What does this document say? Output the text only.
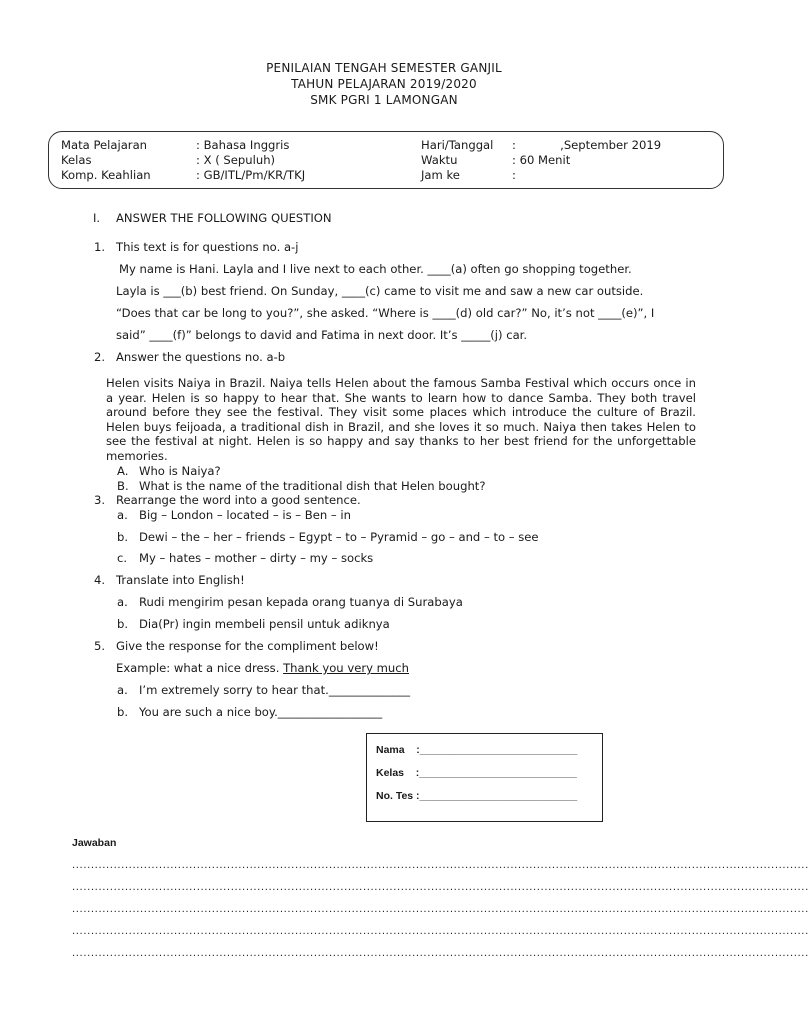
PENILAIAN TENGAH SEMESTER GANJIL
TAHUN PELAJARAN 2019/2020
SMK PGRI 1 LAMONGAN
Mata Pelajaran	: Bahasa Inggris
Kelas	: X ( Sepuluh)
Komp. Keahlian	: GB/ITL/Pm/KR/TKJ
Hari/Tanggal :            ,September 2019
Waktu	: 60 Menit
Jam ke	:
I. ANSWER THE FOLLOWING QUESTION
1. This text is for questions no. a-j
My name is Hani. Layla and I live next to each other. ____(a) often go shopping together.
Layla is ___(b) best friend. On Sunday, ____(c) came to visit me and saw a new car outside.
“Does that car be long to you?”, she asked. “Where is ____(d) old car?” No, it’s not ____(e)”, I
said” ____(f)” belongs to david and Fatima in next door. It’s _____(j) car.
2. Answer the questions no. a-b
Helen visits Naiya in Brazil. Naiya tells Helen about the famous Samba Festival which occurs once in a year. Helen is so happy to hear that. She wants to learn how to dance Samba. They both travel around before they see the festival. They visit some places which introduce the culture of Brazil. Helen buys feijoada, a traditional dish in Brazil, and she loves it so much. Naiya then takes Helen to see the festival at night. Helen is so happy and say thanks to her best friend for the unforgettable memories.
A. Who is Naiya?
B. What is the name of the traditional dish that Helen bought?
3. Rearrange the word into a good sentence.
a. Big – London – located – is – Ben – in
b. Dewi – the – her – friends – Egypt – to – Pyramid – go – and – to – see
c. My – hates – mother – dirty – my – socks
4. Translate into English!
a. Rudi mengirim pesan kepada orang tuanya di Surabaya
b. Dia(Pr) ingin membeli pensil untuk adiknya
5. Give the response for the compliment below!
Example: what a nice dress. Thank you very much
a. I’m extremely sorry to hear that.______________
b. You are such a nice boy.__________________
Nama    :___________________________
Kelas    :___________________________
No. Tes :___________________________
Jawaban
...................................................................................................................................................................................................
...................................................................................................................................................................................................
...................................................................................................................................................................................................
...................................................................................................................................................................................................
...................................................................................................................................................................................................
